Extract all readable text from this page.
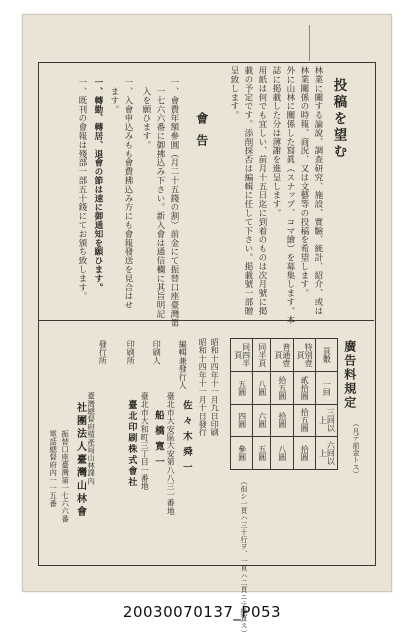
投稿を望む
林業に關する論說、調查研究、施設、實驗、統計、紹介、或は
林業關係の時報、商況、又は文藝等の投稿を希望します。
外に山林に關係した寫眞（スナップ、コマ繪）を募集します。本
誌に掲載した分は薄謝を進呈します。
用紙は何でも宜しい、前月十五日迄に到着のものは次月號に掲
載の予定です。添削採否は編輯に任して下さい。掲載號一部贈
呈致します。
會告
一、會費年額參圓（月二十五錢の割）前金にて振替口座臺灣第
　一七六六番に御拂込み下さい。新入會は通信欄に其旨明記
　入を願ひます。
一、入會申込みもも會費拂込み方にも會報發送を見合はせ
　ます。
一、轉勤、轉居、退會の節は速に御通知を願ひます。
一、既刊の會報は殘部一部五十錢にてお頒ち致します。
廣告料規定
（凡テ前金トス）
同四半頁	同半頁	普通壹頁	特別壹頁	頁數

五圓	八圓	拾五圓	貳拾圓	一回

四圓	六圓	拾圓	拾五圓	三回以上

參圓	五圓	八圓	拾圓	六回以上
（但シ一頁ハ三十行ヲ、一頁ハ二頁ニテ換算ス）
昭和十四年十一月九日印刷
昭和十四年十一月十日發行
編輯兼發行人
臺北市大安區大安第八八三一番地 佐々木舜一
印刷人
臺北市大和町三丁目一番地 船橋寛一
印刷所
臺北印刷株式會社
發行所
臺灣總督府殖產局山林課內
社團法人臺灣山林會
振替口座臺灣第一七六六番
電話總督府內一一五番
20030070137_P053
